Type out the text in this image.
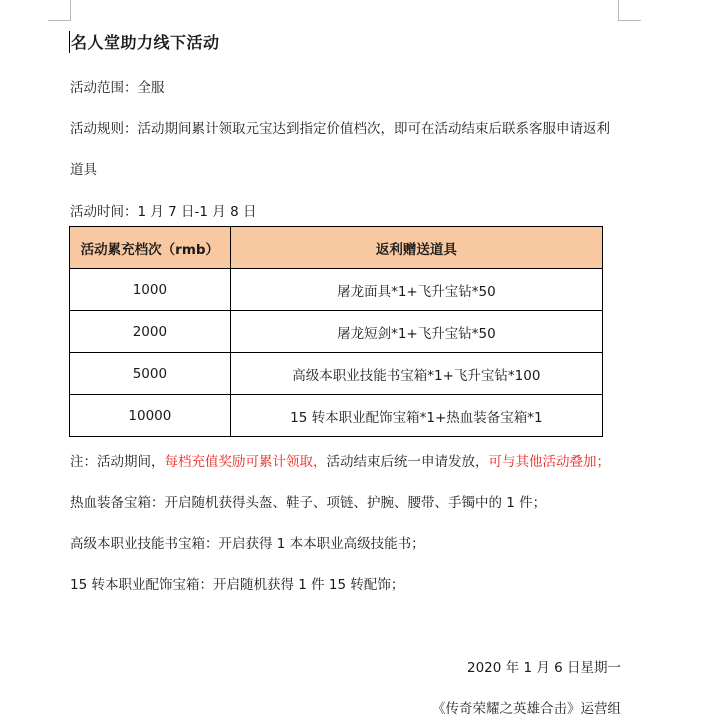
名人堂助力线下活动
活动范围：全服
活动规则：活动期间累计领取元宝达到指定价值档次，即可在活动结束后联系客服申请返利
道具
活动时间：1 月 7 日-1 月 8 日
活动累充档次（rmb）	返利赠送道具
1000	屠龙面具*1+飞升宝钻*50
2000	屠龙短剑*1+飞升宝钻*50
5000	高级本职业技能书宝箱*1+飞升宝钻*100
10000	15 转本职业配饰宝箱*1+热血装备宝箱*1
注：活动期间，每档充值奖励可累计领取，活动结束后统一申请发放，可与其他活动叠加；
热血装备宝箱：开启随机获得头盔、鞋子、项链、护腕、腰带、手镯中的 1 件；
高级本职业技能书宝箱：开启获得 1 本本职业高级技能书；
15 转本职业配饰宝箱：开启随机获得 1 件 15 转配饰；
2020 年 1 月 6 日星期一
《传奇荣耀之英雄合击》运营组
